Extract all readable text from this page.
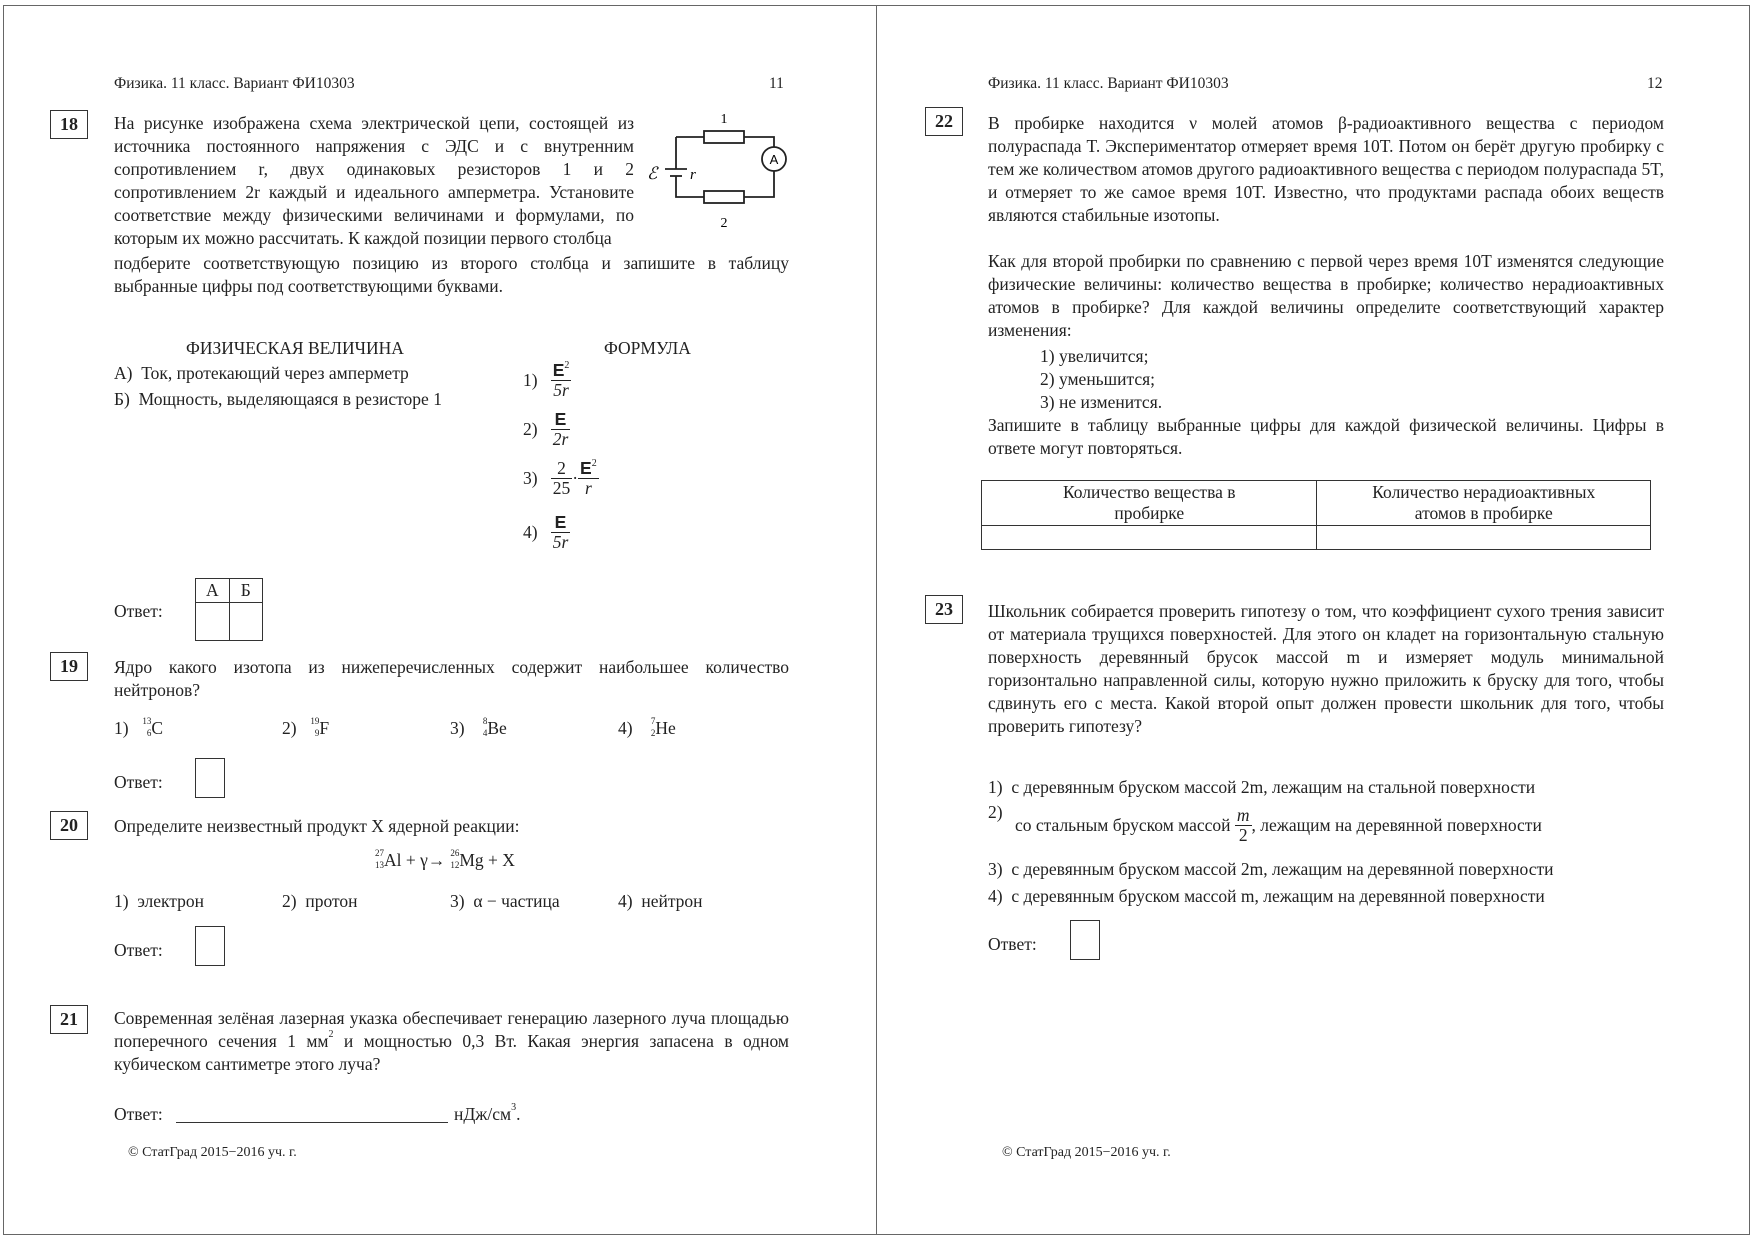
Физика. 11 класс. Вариант ФИ10303	11
18	На рисунке изображена схема электрической цепи, состоящей из источника постоянного напряжения с ЭДС и с внутренним сопротивлением r, двух одинаковых резисторов 1 и 2 сопротивлением 2r каждый и идеального амперметра. Установите соответствие между физическими величинами и формулами, по которым их можно рассчитать. К каждой позиции первого столбца
подберите соответствующую позицию из второго столбца и запишите в таблицу выбранные цифры под соответствующими буквами.
1
2
ℰ r
A
ФИЗИЧЕСКАЯ ВЕЛИЧИНА	ФОРМУЛА
А) Ток, протекающий через амперметр
Б) Мощность, выделяющаяся в резисторе 1
$1) \frac{E^2}{5r}$
$2) \frac{E}{2r}$
$3) \frac{2}{25} \cdot \frac{E^2}{r}$
$4) \frac{E}{5r}$
Ответ:
А	Б

19	Ядро какого изотопа из нижеперечисленных содержит наибольшее количество нейтронов?
1) 13
6 C	2) 19
9 F	3) 8
4 Be	4) 7
2 He
Ответ:
20	Определите неизвестный продукт X ядерной реакции:
27
13 Al + γ→ 26
12 Mg + X
1) электрон	2) протон	3) α − частица	4) нейтрон
Ответ:
21	Современная зелёная лазерная указка обеспечивает генерацию лазерного луча площадью поперечного сечения 1 $мм^2$ и мощностью 0,3 Вт. Какая энергия запасена в одном кубическом сантиметре этого луча?
Ответ:	нДж/$см^3$.
© СтатГрад 2015−2016 уч. г.
Физика. 11 класс. Вариант ФИ10303	12
22	В пробирке находится ν молей атомов β-радиоактивного вещества с периодом полураспада T. Экспериментатор отмеряет время 10T. Потом он берёт другую пробирку с тем же количеством атомов другого радиоактивного вещества с периодом полураспада 5T, и отмеряет то же самое время 10T. Известно, что продуктами распада обоих веществ являются стабильные изотопы.
Как для второй пробирки по сравнению с первой через время 10T изменятся следующие физические величины: количество вещества в пробирке; количество нерадиоактивных атомов в пробирке? Для каждой величины определите соответствующий характер изменения:
1) увеличится;
2) уменьшится;
3) не изменится.
Запишите в таблицу выбранные цифры для каждой физической величины. Цифры в ответе могут повторяться.
Количество вещества в пробирке	Количество нерадиоактивных атомов в пробирке

23	Школьник собирается проверить гипотезу о том, что коэффициент сухого трения зависит от материала трущихся поверхностей. Для этого он кладет на горизонтальную стальную поверхность деревянный брусок массой m и измеряет модуль минимальной горизонтально направленной силы, которую нужно приложить к бруску для того, чтобы сдвинуть его с места. Какой второй опыт должен провести школьник для того, чтобы проверить гипотезу?
1) с деревянным бруском массой 2m, лежащим на стальной поверхности
2)
со стальным бруском массой $\frac{m}{2}$ , лежащим на деревянной поверхности
3) с деревянным бруском массой 2m, лежащим на деревянной поверхности
4) с деревянным бруском массой m, лежащим на деревянной поверхности
Ответ:
© СтатГрад 2015−2016 уч. г.
